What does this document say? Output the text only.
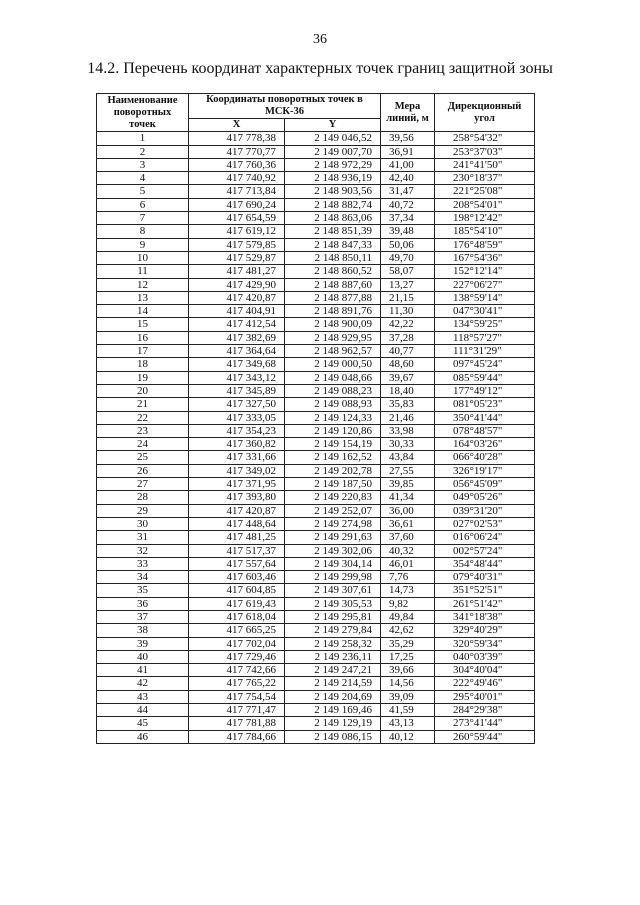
36
14.2. Перечень координат характерных точек границ защитной зоны
Наименование поворотных точек	Координаты поворотных точек в МСК-36		Мера линий, м	Дирекционный угол
	X	Y		
1	417 778,38	2 149 046,52	39,56	258°54'32"
2	417 770,77	2 149 007,70	36,91	253°37'03"
3	417 760,36	2 148 972,29	41,00	241°41'50"
4	417 740,92	2 148 936,19	42,40	230°18'37"
5	417 713,84	2 148 903,56	31,47	221°25'08"
6	417 690,24	2 148 882,74	40,72	208°54'01"
7	417 654,59	2 148 863,06	37,34	198°12'42"
8	417 619,12	2 148 851,39	39,48	185°54'10"
9	417 579,85	2 148 847,33	50,06	176°48'59"
10	417 529,87	2 148 850,11	49,70	167°54'36"
11	417 481,27	2 148 860,52	58,07	152°12'14"
12	417 429,90	2 148 887,60	13,27	227°06'27"
13	417 420,87	2 148 877,88	21,15	138°59'14"
14	417 404,91	2 148 891,76	11,30	047°30'41"
15	417 412,54	2 148 900,09	42,22	134°59'25"
16	417 382,69	2 148 929,95	37,28	118°57'27"
17	417 364,64	2 148 962,57	40,77	111°31'29"
18	417 349,68	2 149 000,50	48,60	097°45'24"
19	417 343,12	2 149 048,66	39,67	085°59'44"
20	417 345,89	2 149 088,23	18,40	177°49'12"
21	417 327,50	2 149 088,93	35,83	081°05'23"
22	417 333,05	2 149 124,33	21,46	350°41'44"
23	417 354,23	2 149 120,86	33,98	078°48'57"
24	417 360,82	2 149 154,19	30,33	164°03'26"
25	417 331,66	2 149 162,52	43,84	066°40'28"
26	417 349,02	2 149 202,78	27,55	326°19'17"
27	417 371,95	2 149 187,50	39,85	056°45'09"
28	417 393,80	2 149 220,83	41,34	049°05'26"
29	417 420,87	2 149 252,07	36,00	039°31'20"
30	417 448,64	2 149 274,98	36,61	027°02'53"
31	417 481,25	2 149 291,63	37,60	016°06'24"
32	417 517,37	2 149 302,06	40,32	002°57'24"
33	417 557,64	2 149 304,14	46,01	354°48'44"
34	417 603,46	2 149 299,98	7,76	079°40'31"
35	417 604,85	2 149 307,61	14,73	351°52'51"
36	417 619,43	2 149 305,53	9,82	261°51'42"
37	417 618,04	2 149 295,81	49,84	341°18'38"
38	417 665,25	2 149 279,84	42,62	329°40'29"
39	417 702,04	2 149 258,32	35,29	320°59'34"
40	417 729,46	2 149 236,11	17,25	040°03'39"
41	417 742,66	2 149 247,21	39,66	304°40'04"
42	417 765,22	2 149 214,59	14,56	222°49'46"
43	417 754,54	2 149 204,69	39,09	295°40'01"
44	417 771,47	2 149 169,46	41,59	284°29'38"
45	417 781,88	2 149 129,19	43,13	273°41'44"
46	417 784,66	2 149 086,15	40,12	260°59'44"
